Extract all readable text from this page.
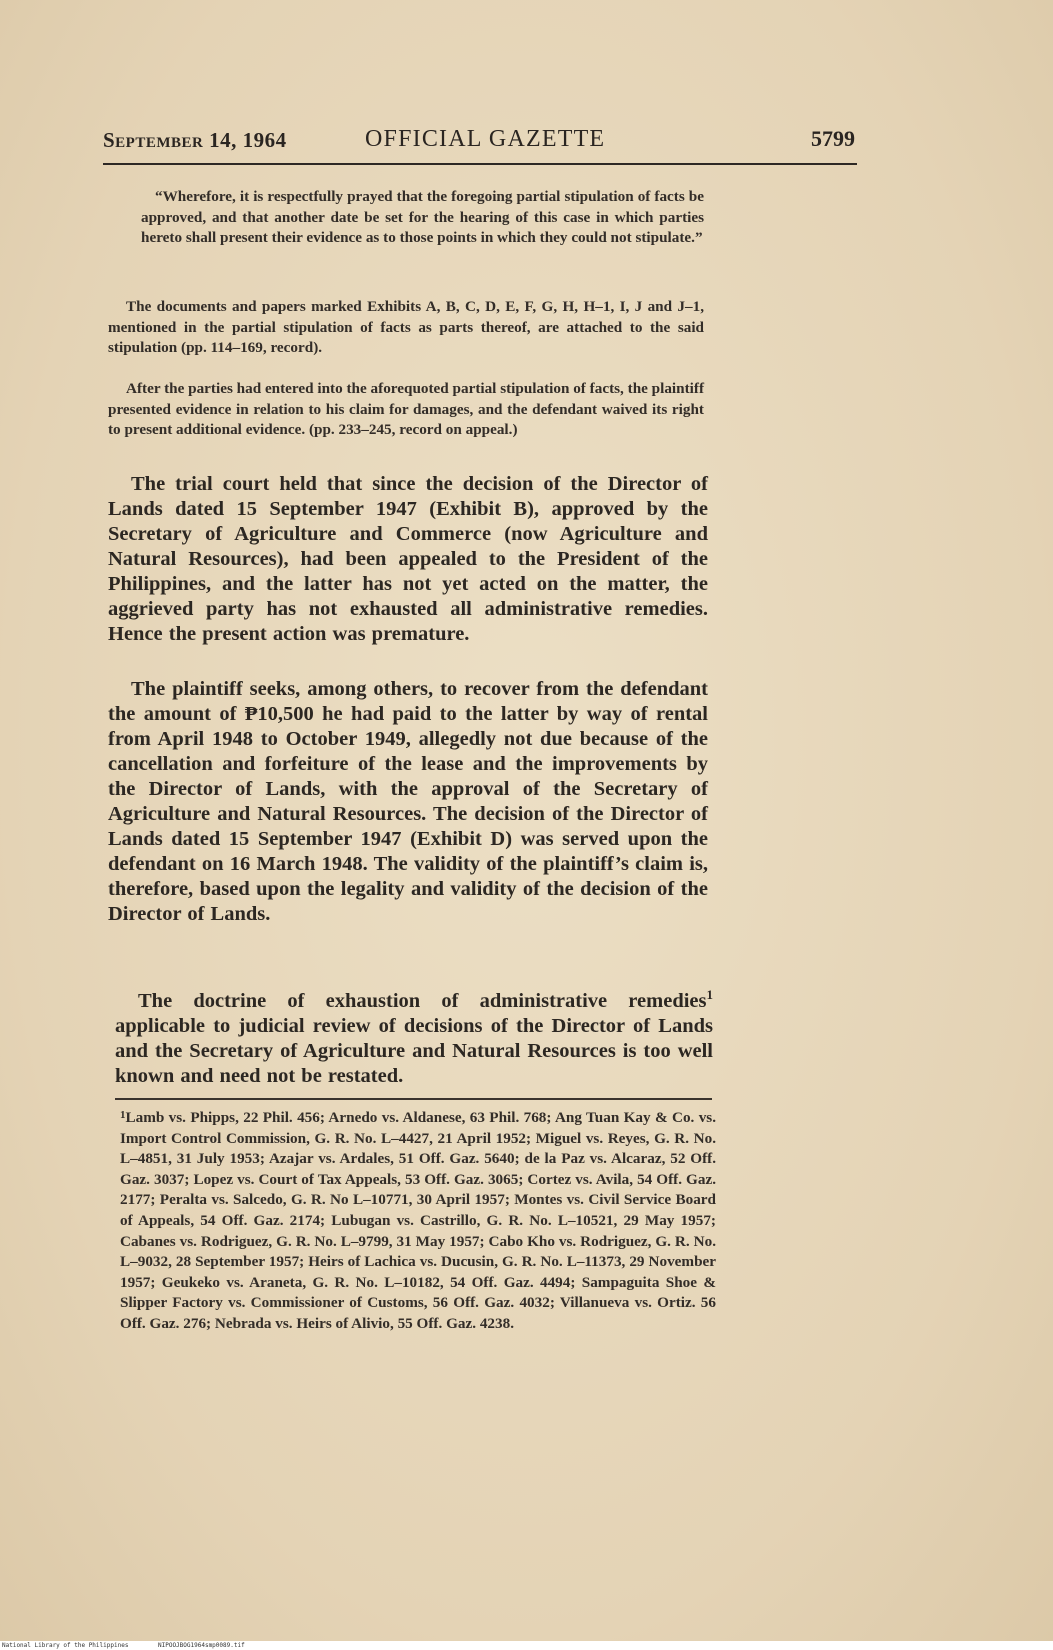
September 14, 1964	OFFICIAL GAZETTE	5799

“Wherefore, it is respectfully prayed that the foregoing partial stipulation of facts be approved, and that another date be set for the hearing of this case in which parties hereto shall present their evidence as to those points in which they could not stipulate.”

The documents and papers marked Exhibits A, B, C, D, E, F, G, H, H–1, I, J and J–1, mentioned in the partial stipulation of facts as parts thereof, are attached to the said stipulation (pp. 114–169, record).

After the parties had entered into the aforequoted partial stipulation of facts, the plaintiff presented evidence in relation to his claim for damages, and the defendant waived its right to present additional evidence. (pp. 233–245, record on appeal.)

The trial court held that since the decision of the Director of Lands dated 15 September 1947 (Exhibit B), approved by the Secretary of Agriculture and Commerce (now Agriculture and Natural Resources), had been appealed to the President of the Philippines, and the latter has not yet acted on the matter, the aggrieved party has not exhausted all administrative remedies. Hence the present action was premature.

The plaintiff seeks, among others, to recover from the defendant the amount of ₱10,500 he had paid to the latter by way of rental from April 1948 to October 1949, allegedly not due because of the cancellation and forfeiture of the lease and the improvements by the Director of Lands, with the approval of the Secretary of Agriculture and Natural Resources. The decision of the Director of Lands dated 15 September 1947 (Exhibit D) was served upon the defendant on 16 March 1948. The validity of the plaintiff’s claim is, therefore, based upon the legality and validity of the decision of the Director of Lands.

The doctrine of exhaustion of administrative remedies$^1$ applicable to judicial review of decisions of the Director of Lands and the Secretary of Agriculture and Natural Resources is too well known and need not be restated.

$^1$Lamb vs. Phipps, 22 Phil. 456; Arnedo vs. Aldanese, 63 Phil. 768; Ang Tuan Kay & Co. vs. Import Control Commission, G. R. No. L–4427, 21 April 1952; Miguel vs. Reyes, G. R. No. L–4851, 31 July 1953; Azajar vs. Ardales, 51 Off. Gaz. 5640; de la Paz vs. Alcaraz, 52 Off. Gaz. 3037; Lopez vs. Court of Tax Appeals, 53 Off. Gaz. 3065; Cortez vs. Avila, 54 Off. Gaz. 2177; Peralta vs. Salcedo, G. R. No L–10771, 30 April 1957; Montes vs. Civil Service Board of Appeals, 54 Off. Gaz. 2174; Lubugan vs. Castrillo, G. R. No. L–10521, 29 May 1957; Cabanes vs. Rodriguez, G. R. No. L–9799, 31 May 1957; Cabo Kho vs. Rodriguez, G. R. No. L–9032, 28 September 1957; Heirs of Lachica vs. Ducusin, G. R. No. L–11373, 29 November 1957; Geukeko vs. Araneta, G. R. No. L–10182, 54 Off. Gaz. 4494; Sampaguita Shoe & Slipper Factory vs. Commissioner of Customs, 56 Off. Gaz. 4032; Villanueva vs. Ortiz. 56 Off. Gaz. 276; Nebrada vs. Heirs of Alivio, 55 Off. Gaz. 4238.

National Library of the Philippines	NIPOOJBOG1964smp0089.tif
